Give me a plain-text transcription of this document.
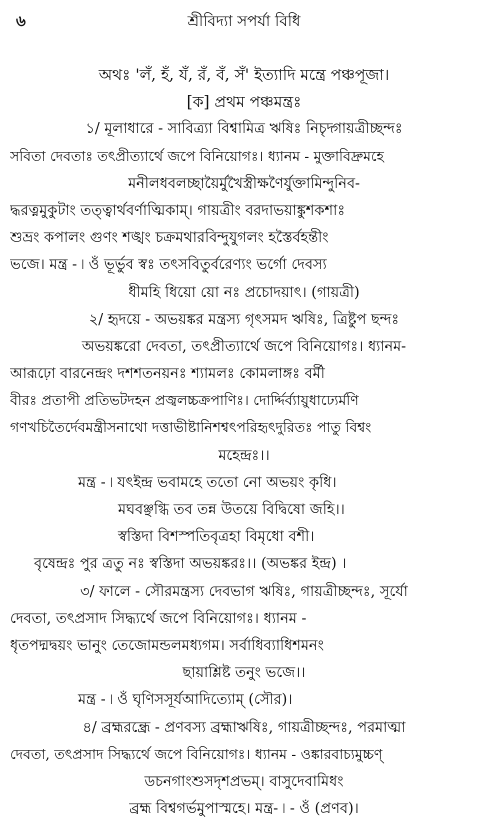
৬	শ্রীবিদ্যা সপর্যা বিধি
অথঃ 'লঁ, হঁ, যঁ, রঁ, বঁ, সঁ' ইত্যাদি মন্ত্রে পঞ্চপূজা।
[ক] প্রথম পঞ্চমন্ত্রঃ
১/ মূলাধারে - সাবিত্র্যা বিশ্বামিত্র ঋষিঃ নিচৃদ্গায়ত্রীচ্ছন্দঃ
সবিতা দেবতাঃ তৎপ্রীত্যার্থে জপে বিনিয়োগঃ। ধ্যানম - মুক্তাবিদ্রুমহে
মনীলধবলচ্ছায়ৈর্মুখৈস্ত্রীক্ষণৈর্যুক্তামিন্দুনিব-
দ্ধরত্নমুকুটাং তত্ত্বার্থবর্ণাত্মিকাম্। গায়ত্রীং বরদাভয়াঙ্কুশকশাঃ
শুভ্রং কপালং গুণং শঙ্খং চক্রমথারবিন্দুযুগলং হস্তৈর্বহন্তীং
ভজে। মন্ত্র - ৷ ওঁ ভূর্ভুব স্বঃ তৎসবিতুর্বরেণ্যং ভর্গো দেবস্য
ধীমহি ধিয়ো য়ো নঃ প্রচোদয়াৎ। (গায়ত্রী)
২/ হৃদয়ে - অভয়ঙ্কর মন্ত্রস্য গৃৎসমদ ঋষিঃ, ত্রিষ্টুপ ছন্দঃ
অভয়ঙ্করো দেবতা, তৎপ্রীত্যার্থে জপে বিনিয়োগঃ। ধ্যানম-
আরূঢ়ো বারনেন্দ্রং দশশতনয়নঃ শ্যামলঃ কোমলাঙ্গঃ বর্মী
বীরঃ প্রতাপী প্রতিভটদহন প্রজ্বলচ্চক্রপাণিঃ। দোর্দ্দির্ব্যায়ুধাঢ্যের্মণি
গণখচিতৈর্দেবমন্ত্রীসনাথো দত্তাভীষ্টানিশশ্বৎপরিহৃৎদুরিতঃ পাতু বিশ্বং
মহেন্দ্রঃ।।
মন্ত্র - ৷ যৎইন্দ্র ভবামহে ততো নো অভয়ং কৃধি।
মঘবঞ্ছগ্ধি তব তন্ন উতয়ে বিদ্বিষো জহি।।
স্বস্তিদা বিশস্পতিবৃত্রহা বিমৃধো বশী।
বৃষেন্দ্রঃ পুর ত্রতু নঃ স্বস্তিদা অভয়ঙ্করঃ।। (অভঙ্কর ইন্দ্র) ।
৩/ ফালে - সৌরমন্ত্রস্য দেবভাগ ঋষিঃ, গায়ত্রীচ্ছন্দঃ, সূর্যো
দেবতা, তৎপ্রসাদ সিদ্ধ্যর্থে জপে বিনিয়োগঃ। ধ্যানম -
ধৃতপদ্মদ্বয়ং ভানুং তেজোমন্ডলমধ্যগম। সর্বাধিব্যাধিশমনং
ছায়াশ্লিষ্ট তনুং ভজে।।
মন্ত্র - ৷ ওঁ ঘৃণিসসূর্যআদিত্যোম্ (সৌর)।
৪/ ব্রহ্মরন্ধ্রে - প্রণবস্য ব্রহ্মাঋষিঃ, গায়ত্রীচ্ছন্দঃ, পরমাত্মা
দেবতা, তৎপ্রসাদ সিদ্ধ্যর্থে জপে বিনিয়োগঃ। ধ্যানম - ওঙ্কারবাচ্যমুচ্চণ্
ডচনগাংশুসদৃশপ্রভম্। বাসুদেবামিধং
ব্রহ্ম বিশ্বগর্ভমুপাস্মহে। মন্ত্র- ৷ - ওঁ (প্রণব)।
